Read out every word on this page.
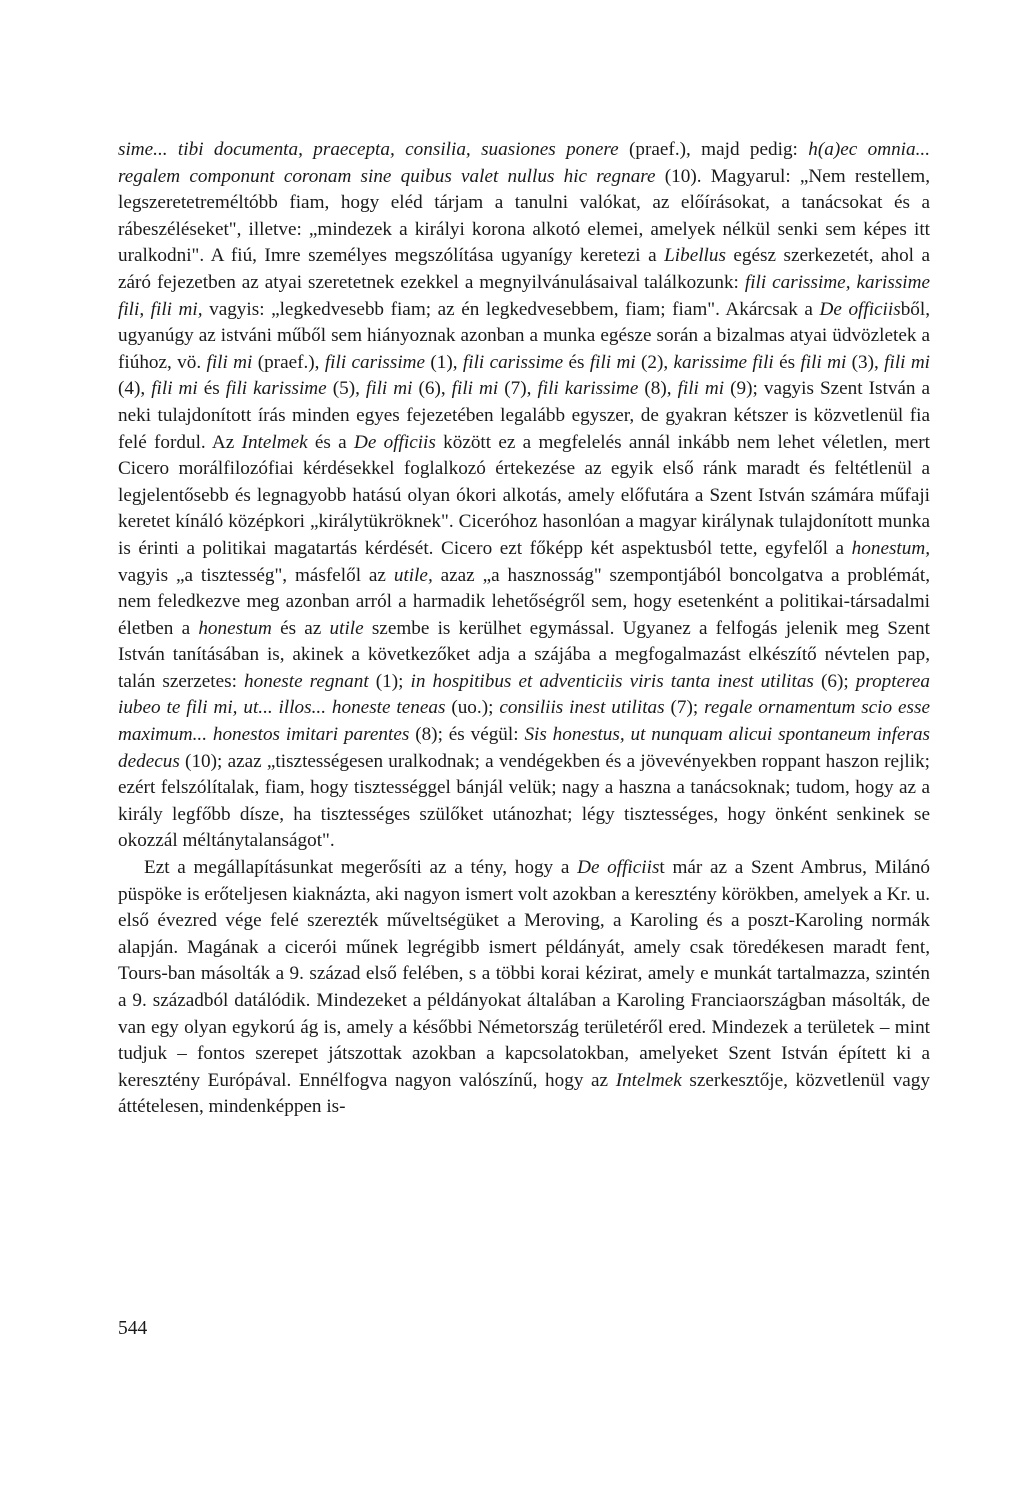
sime... tibi documenta, praecepta, consilia, suasiones ponere (praef.), majd pedig: h(a)ec omnia... regalem componunt coronam sine quibus valet nullus hic regnare (10). Magyarul: „Nem restellem, legszeretetreméltóbb fiam, hogy eléd tárjam a tanulni valókat, az előírásokat, a tanácsokat és a rábeszéléseket", illetve: „mindezek a királyi korona alkotó elemei, amelyek nélkül senki sem képes itt uralkodni". A fiú, Imre személyes megszólítása ugyanígy keretezi a Libellus egész szerkezetét, ahol a záró fejezetben az atyai szeretetnek ezekkel a megnyilvánulásaival találkozunk: fili carissime, karissime fili, fili mi, vagyis: „legkedvesebb fiam; az én legkedvesebbem, fiam; fiam". Akárcsak a De officiisből, ugyanúgy az istváni műből sem hiányoznak azonban a munka egésze során a bizalmas atyai üdvözletek a fiúhoz, vö. fili mi (praef.), fili carissime (1), fili carissime és fili mi (2), karissime fili és fili mi (3), fili mi (4), fili mi és fili karissime (5), fili mi (6), fili mi (7), fili karissime (8), fili mi (9); vagyis Szent István a neki tulajdonított írás minden egyes fejezetében legalább egyszer, de gyakran kétszer is közvetlenül fia felé fordul. Az Intelmek és a De officiis között ez a megfelelés annál inkább nem lehet véletlen, mert Cicero morálfilozófiai kérdésekkel foglalkozó értekezése az egyik első ránk maradt és feltétlenül a legjelentősebb és legnagyobb hatású olyan ókori alkotás, amely előfutára a Szent István számára műfaji keretet kínáló középkori „királytükröknek". Ciceróhoz hasonlóan a magyar királynak tulajdonított munka is érinti a politikai magatartás kérdését. Cicero ezt főképp két aspektusból tette, egyfelől a honestum, vagyis „a tisztesség", másfelől az utile, azaz „a hasznosság" szempontjából boncolgatva a problémát, nem feledkezve meg azonban arról a harmadik lehetőségről sem, hogy esetenként a politikai-társadalmi életben a honestum és az utile szembe is kerülhet egymással. Ugyanez a felfogás jelenik meg Szent István tanításában is, akinek a következőket adja a szájába a megfogalmazást elkészítő névtelen pap, talán szerzetes: honeste regnant (1); in hospitibus et adventiciis viris tanta inest utilitas (6); propterea iubeo te fili mi, ut... illos... honeste teneas (uo.); consiliis inest utilitas (7); regale ornamentum scio esse maximum... honestos imitari parentes (8); és végül: Sis honestus, ut nunquam alicui spontaneum inferas dedecus (10); azaz „tisztességesen uralkodnak; a vendégekben és a jövevényekben roppant haszon rejlik; ezért felszólítalak, fiam, hogy tisztességgel bánjál velük; nagy a haszna a tanácsoknak; tudom, hogy az a király legfőbb dísze, ha tisztességes szülőket utánozhat; légy tisztességes, hogy önként senkinek se okozzál méltánytalanságot".

Ezt a megállapításunkat megerősíti az a tény, hogy a De officiist már az a Szent Ambrus, Milánó püspöke is erőteljesen kiaknázta, aki nagyon ismert volt azokban a keresztény körökben, amelyek a Kr. u. első évezred vége felé szerezték műveltségüket a Meroving, a Karoling és a poszt-Karoling normák alapján. Magának a cicerói műnek legrégibb ismert példányát, amely csak töredékesen maradt fent, Tours-ban másolták a 9. század első felében, s a többi korai kézirat, amely e munkát tartalmazza, szintén a 9. századból datálódik. Mindezeket a példányokat általában a Karoling Franciaországban másolták, de van egy olyan egykorú ág is, amely a későbbi Németország területéről ered. Mindezek a területek – mint tudjuk – fontos szerepet játszottak azokban a kapcsolatokban, amelyeket Szent István épített ki a keresztény Európával. Ennélfogva nagyon valószínű, hogy az Intelmek szerkesztője, közvetlenül vagy áttételesen, mindenképpen is-

544
